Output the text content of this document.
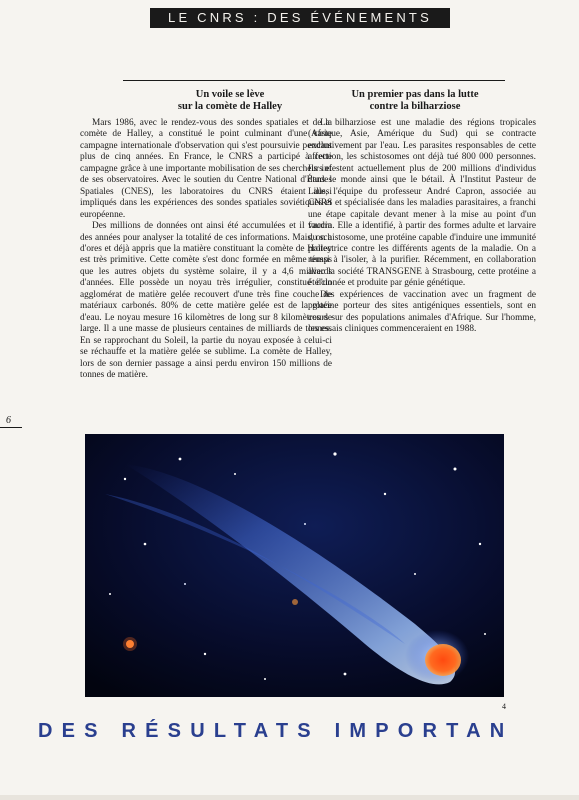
LE CNRS : DES ÉVÉNEMENTS
Un voile se lève
sur la comète de Halley

Mars 1986, avec le rendez-vous des sondes spatiales et de la comète de Halley, a constitué le point culminant d'une vaste campagne internationale d'observation qui s'est poursuivie pendant plus de cinq années. En France, le CNRS a participé à cette campagne grâce à une importante mobilisation de ses chercheurs et de ses observatoires. Avec le soutien du Centre National d'Études Spatiales (CNES), les laboratoires du CNRS étaient aussi impliqués dans les expériences des sondes spatiales soviétiques et européenne.

Des millions de données ont ainsi été accumulées et il faudra des années pour analyser la totalité de ces informations. Mais, on a d'ores et déjà appris que la matière constituant la comète de Halley est très primitive. Cette comète s'est donc formée en même temps que les autres objets du système solaire, il y a 4,6 milliards d'années. Elle possède un noyau très irrégulier, constitué d'un agglomérat de matière gelée recouvert d'une très fine couche de matériaux carbonés. 80% de cette matière gelée est de la glace d'eau. Le noyau mesure 16 kilomètres de long sur 8 kilomètres de large. Il a une masse de plusieurs centaines de milliards de tonnes. En se rapprochant du Soleil, la partie du noyau exposée à celui-ci se réchauffe et la matière gelée se sublime. La comète de Halley, lors de son dernier passage a ainsi perdu environ 150 millions de tonnes de matière.

Un premier pas dans la lutte
contre la bilharziose

La bilharziose est une maladie des régions tropicales (Afrique, Asie, Amérique du Sud) qui se contracte exclusivement par l'eau. Les parasites responsables de cette affection, les schistosomes ont déjà tué 800 000 personnes. Ils infestent actuellement plus de 200 millions d'individus dans le monde ainsi que le bétail. À l'Institut Pasteur de Lille, l'équipe du professeur André Capron, associée au CNRS et spécialisée dans les maladies parasitaires, a franchi une étape capitale devant mener à la mise au point d'un vaccin. Elle a identifié, à partir des formes adulte et larvaire du schistosome, une protéine capable d'induire une immunité protectrice contre les différents agents de la maladie. On a réussi à l'isoler, à la purifier. Récemment, en collaboration avec la société TRANSGENE à Strasbourg, cette protéine a été clonée et produite par génie génétique.

Des expériences de vaccination avec un fragment de protéine porteur des sites antigéniques essentiels, sont en cours sur des populations animales d'Afrique. Sur l'homme, les essais cliniques commenceraient en 1988.

6
4
DES RÉSULTATS IMPORTAN
